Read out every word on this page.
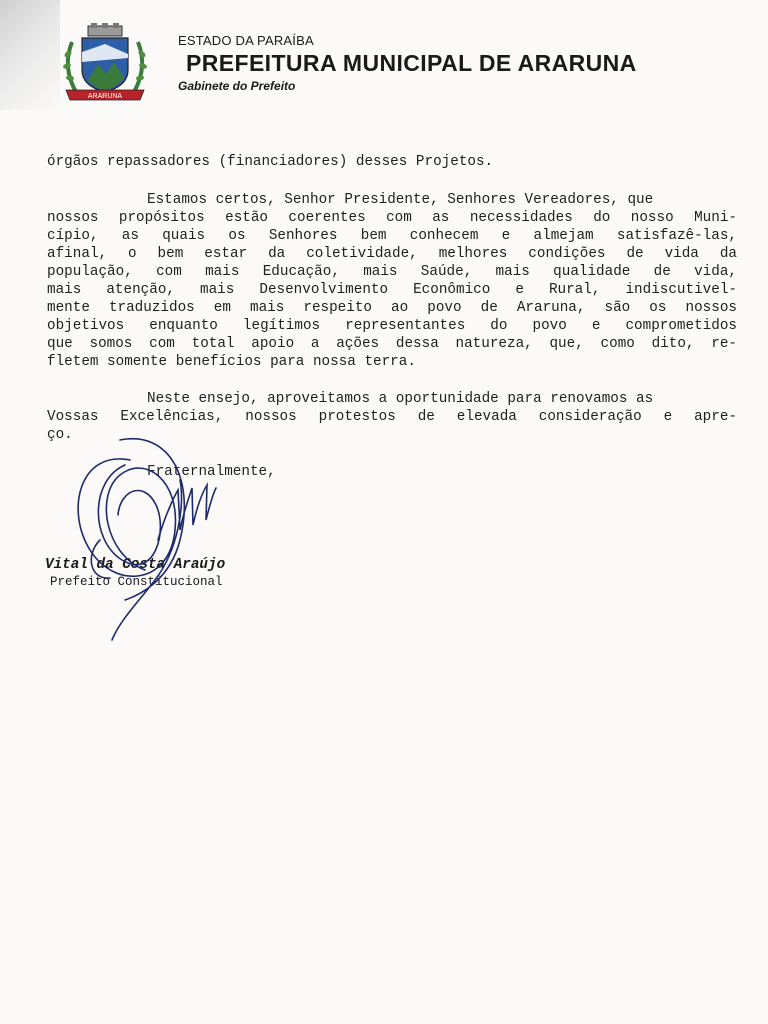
ARARUNA
ESTADO DA PARAÍBA
PREFEITURA MUNICIPAL DE ARARUNA
Gabinete do Prefeito
órgãos repassadores (financiadores) desses Projetos.
Estamos certos, Senhor Presidente, Senhores Vereadores, que
nossos propósitos estão coerentes com as necessidades do nosso Muni-
cípio, as quais os Senhores bem conhecem e almejam satisfazê-las,
afinal, o bem estar da coletividade, melhores condições de vida da
população, com mais Educação, mais Saúde, mais qualidade de vida,
mais atenção, mais Desenvolvimento Econômico e Rural, indiscutivel-
mente traduzidos em mais respeito ao povo de Araruna, são os nossos
objetivos enquanto legítimos representantes do povo e comprometidos
que somos com total apoio a ações dessa natureza, que, como dito, re-
fletem somente benefícios para nossa terra.
Neste ensejo, aproveitamos a oportunidade para renovamos as
Vossas Excelências, nossos protestos de elevada consideração e apre-
ço.
Fraternalmente,
Vital da Costa Araújo
Prefeito Constitucional
